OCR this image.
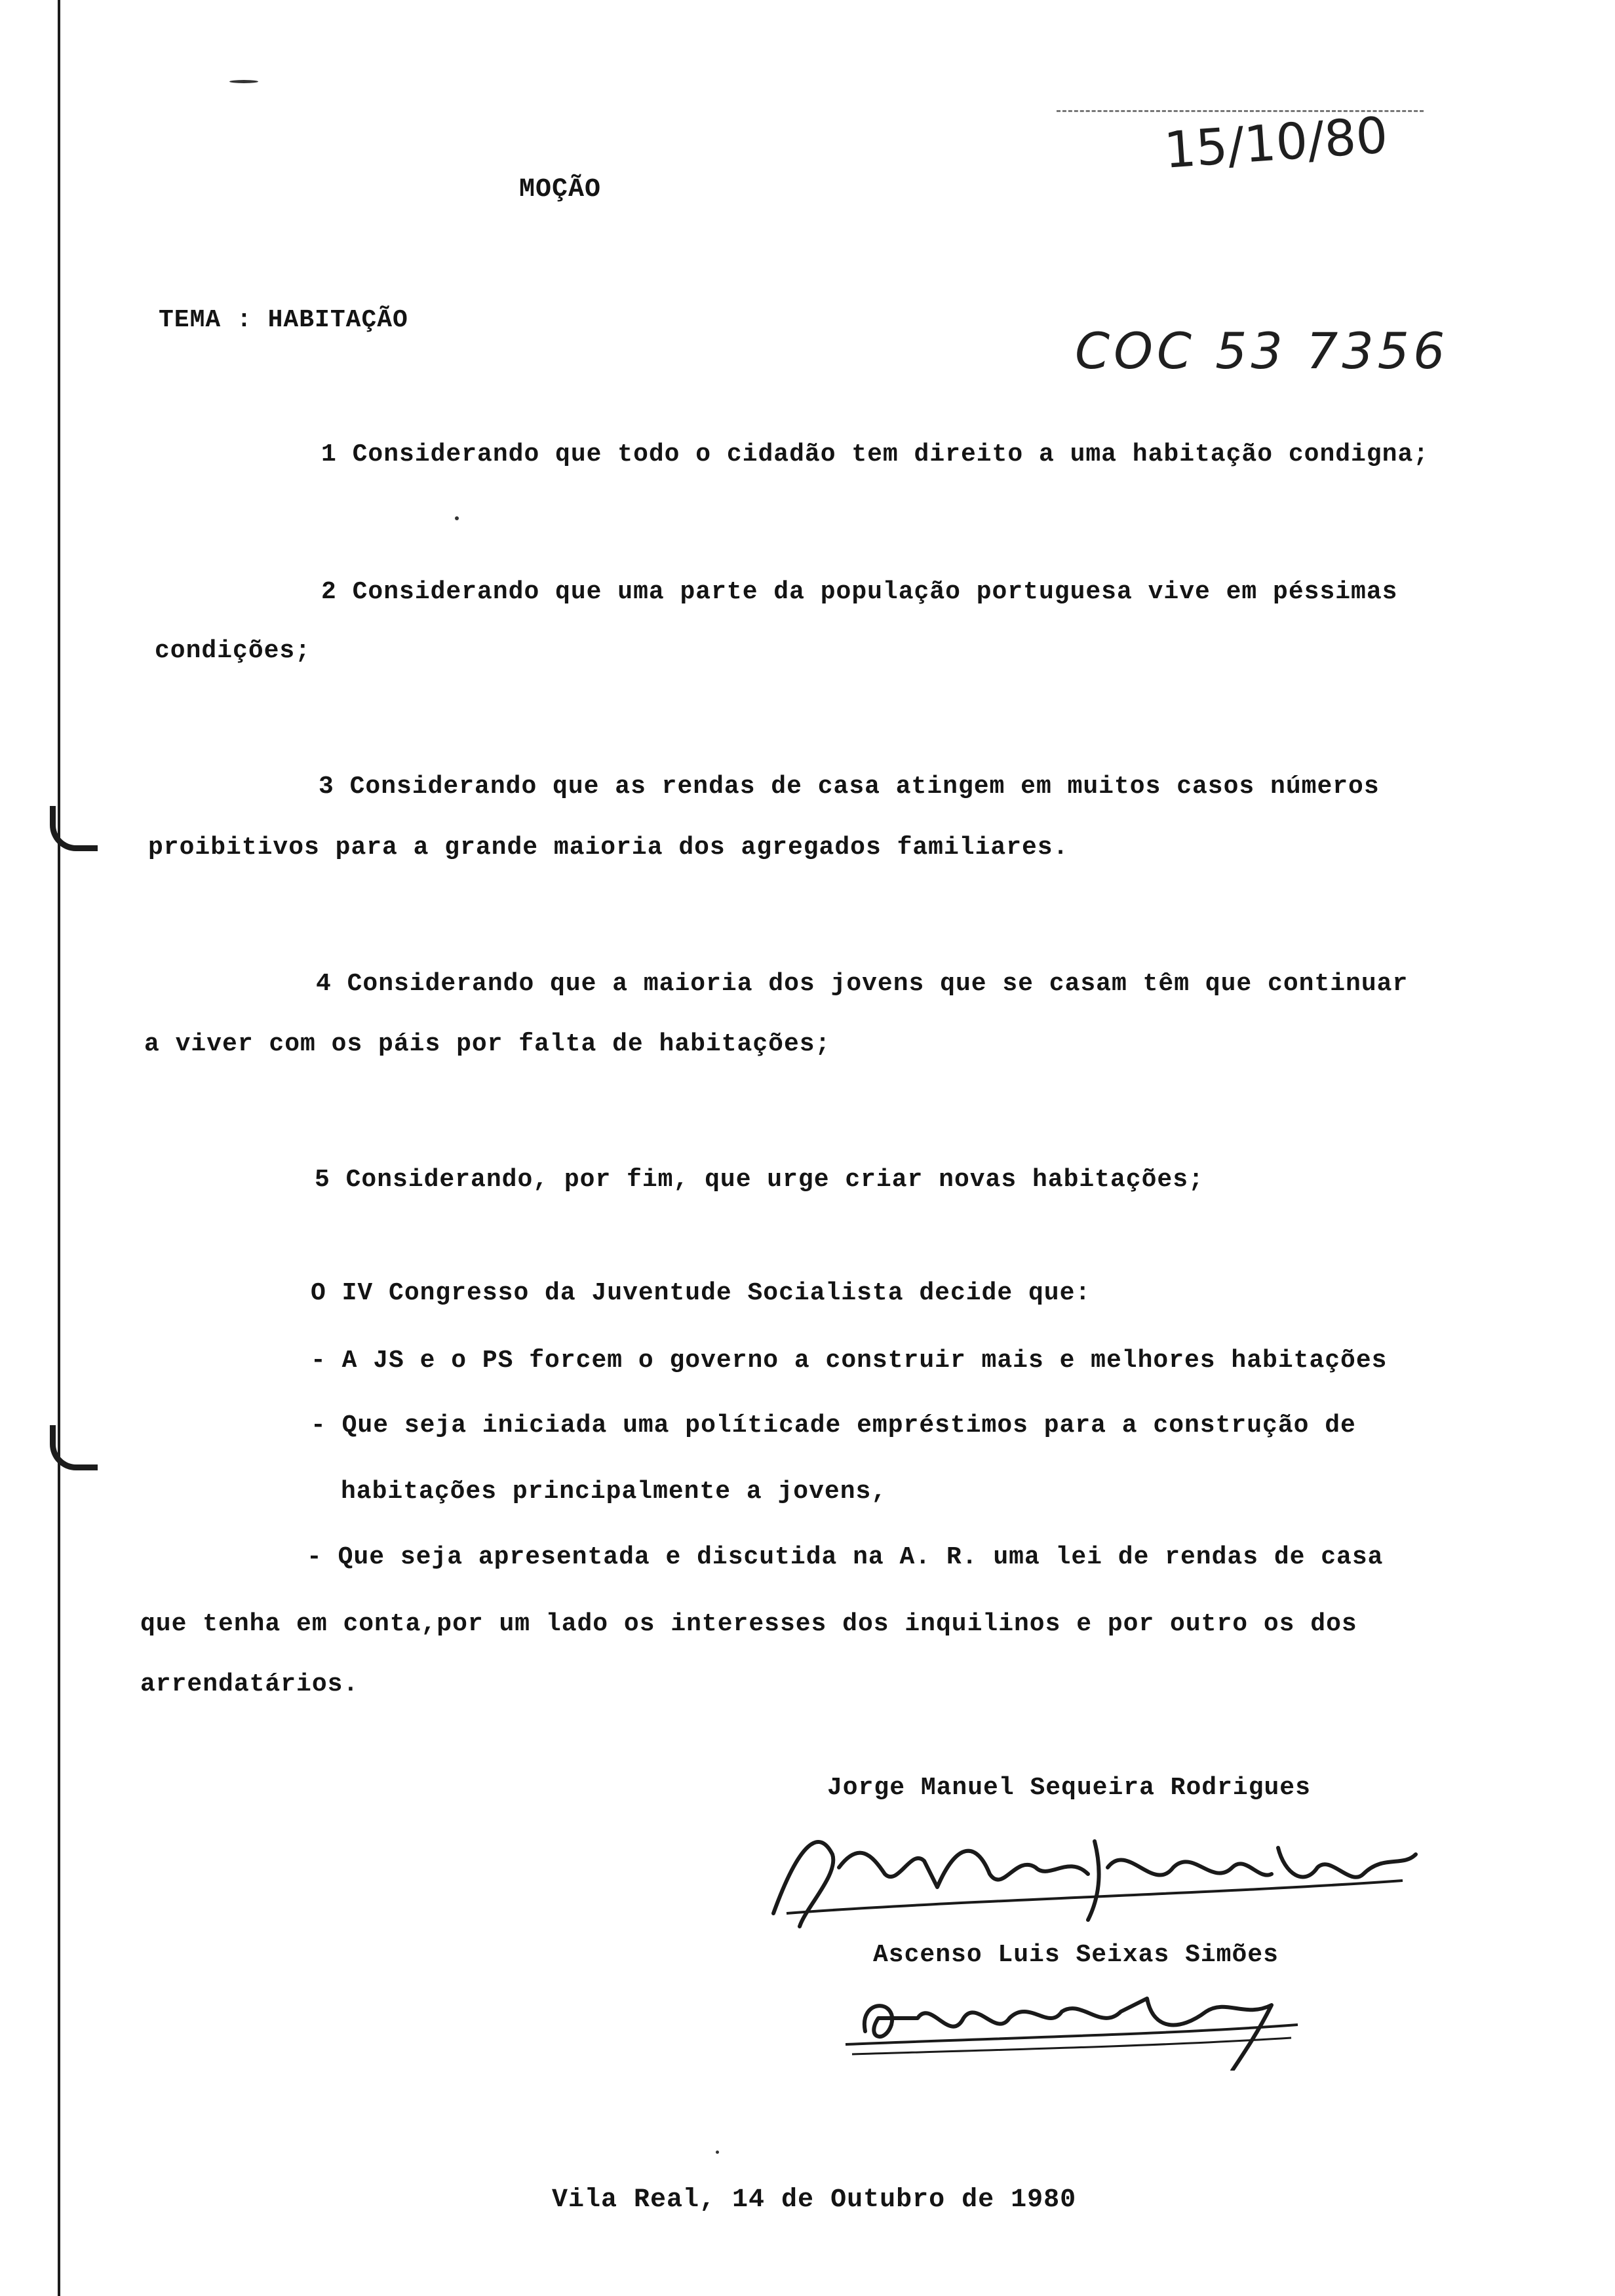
15/10/80
COC 53 7356
MOÇÃO
TEMA : HABITAÇÃO
1 Considerando que todo o cidadão tem direito a uma habitação condigna;
2 Considerando que uma parte da população portuguesa vive em péssimas
condições;
3 Considerando que as rendas de casa atingem em muitos casos números
proibitivos para a grande maioria dos agregados familiares.
4 Considerando que a maioria dos jovens que se casam têm que continuar
a viver com os páis por falta de habitações;
5 Considerando, por fim, que urge criar novas habitações;
O IV Congresso da Juventude Socialista decide que:
- A JS e o PS forcem o governo a construir mais e melhores habitações
- Que seja iniciada uma políticade empréstimos para a construção de
habitações principalmente a jovens,
- Que seja apresentada e discutida na A. R. uma lei de rendas de casa
que tenha em conta,por um lado os interesses dos inquilinos e por outro os dos
arrendatários.
Jorge Manuel Sequeira Rodrigues
Jorge Manuel Sequeira Rodrigues
Ascenso Luis Seixas Simões
Ascenso
Vila Real, 14 de Outubro de 1980
